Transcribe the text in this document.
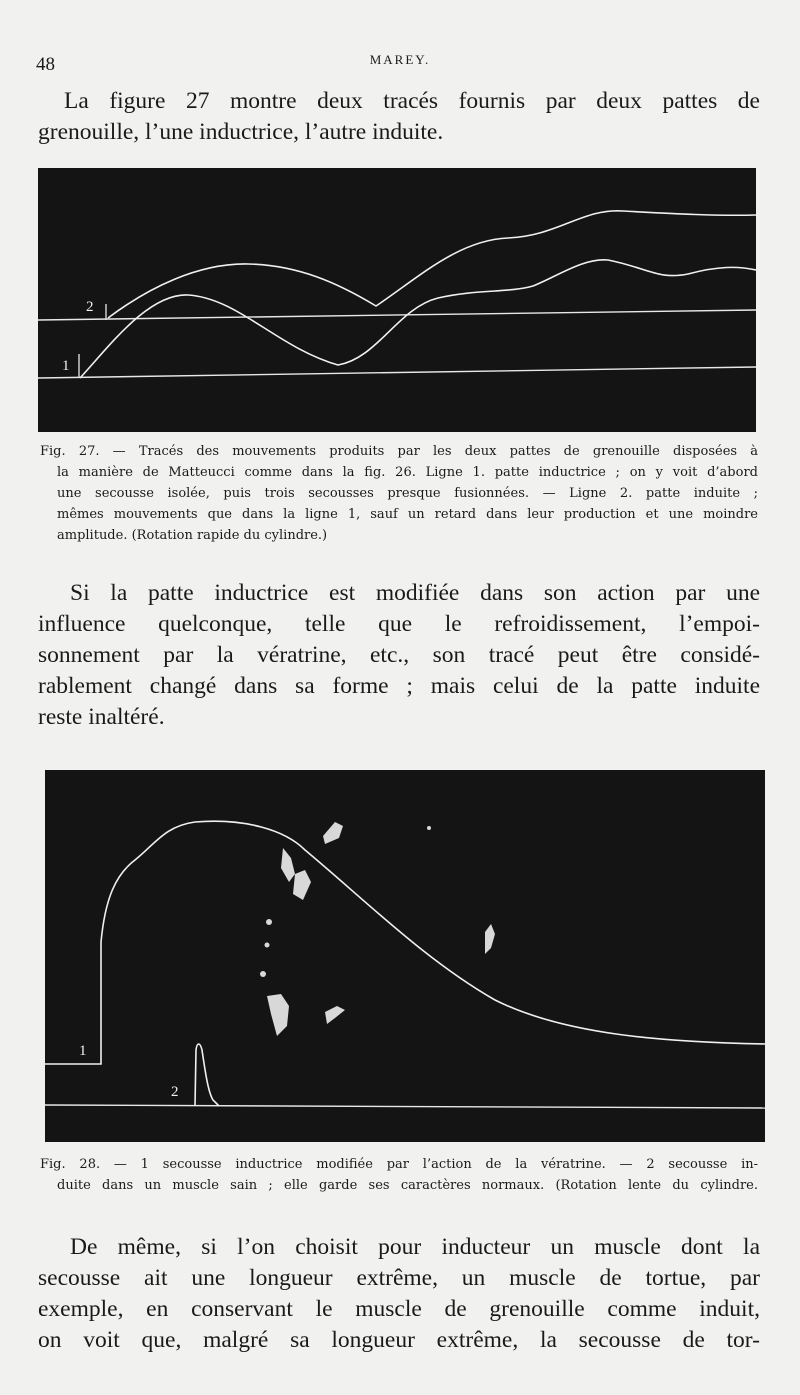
48	MAREY.
La figure 27 montre deux tracés fournis par deux pattes de
grenouille, l’une inductrice, l’autre induite.
2
1
Fig. 27. — Tracés des mouvements produits par les deux pattes de grenouille disposées à
la manière de Matteucci comme dans la fig. 26. Ligne 1. patte inductrice ; on y voit d’abord
une secousse isolée, puis trois secousses presque fusionnées. — Ligne 2. patte induite ;
mêmes mouvements que dans la ligne 1, sauf un retard dans leur production et une moindre
amplitude. (Rotation rapide du cylindre.)
Si la patte inductrice est modifiée dans son action par une
influence quelconque, telle que le refroidissement, l’empoi-
sonnement par la vératrine, etc., son tracé peut être considé-
rablement changé dans sa forme ; mais celui de la patte induite
reste inaltéré.
1
2
Fig. 28. — 1 secousse inductrice modifiée par l’action de la vératrine. — 2 secousse in-
duite dans un muscle sain ; elle garde ses caractères normaux. (Rotation lente du cylindre.
De même, si l’on choisit pour inducteur un muscle dont la
secousse ait une longueur extrême, un muscle de tortue, par
exemple, en conservant le muscle de grenouille comme induit,
on voit que, malgré sa longueur extrême, la secousse de tor-
